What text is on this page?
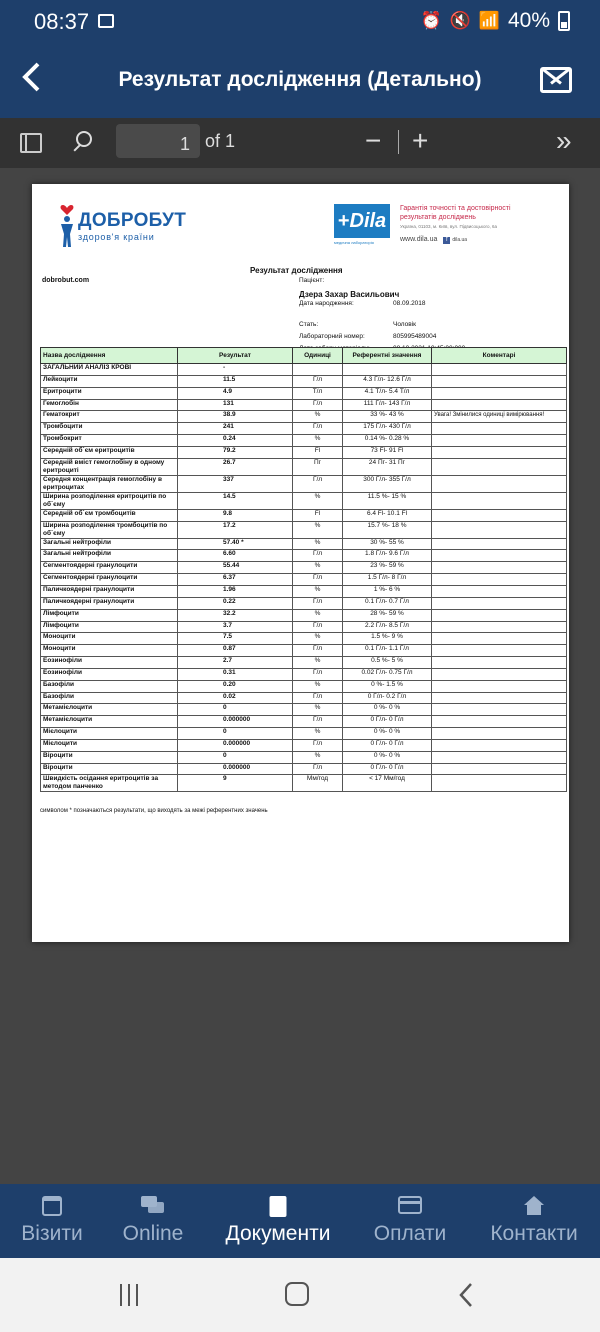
08:37	⏰ 🔇 📶 40%
Результат дослідження (Детально)
1
of 1	− +	»
ДОБРОБУТ
здоров'я країни
+Dila
медична лабораторія
Гарантія точності та достовірності
результатів досліджень
Україна, 01103, м. Київ, вул. Підвисоцького, 6а
www.dila.ua f dila.ua
Результат дослідження
dobrobut.com	Пацієнт:
Дзера Захар Васильович
Дата народження:	08.09.2018
Стать:	Чоловік
Лабораторний номер:	805995489004
Назва дослідження	Результат	Одиниці	Референтні значення	Коментарі
ЗАГАЛЬНИЙ АНАЛІЗ КРОВІ	-			
Лейкоцити	11.5	Г/л	4.3 Г/л- 12.6 Г/л	
Еритроцити	4.9	Т/л	4.1 Т/л- 5.4 Т/л	
Гемоглобін	131	Г/л	111 Г/л- 143 Г/л	
Гематокрит	38.9	%	33 %- 43 %	Увага! Змінилися одиниці вимірювання!
Тромбоцити	241	Г/л	175 Г/л- 430 Г/л	
Тромбокрит	0.24	%	0.14 %- 0.28 %	
Середній об`єм еритроцитів	79.2	Fl	73 Fl- 91 Fl	
Середній вміст гемоглобіну в одному еритроциті	26.7	Пг	24 Пг- 31 Пг	
Середня концентрація гемоглобіну в еритроцитах	337	Г/л	300 Г/л- 355 Г/л	
Ширина розподілення еритроцитів по об`єму	14.5	%	11.5 %- 15 %	
Середній об`єм тромбоцитів	9.8	Fl	6.4 Fl- 10.1 Fl	
Ширина розподілення тромбоцитів по об`єму	17.2	%	15.7 %- 18 %	
Загальні нейтрофіли	57.40 *	%	30 %- 55 %	
Загальні нейтрофіли	6.60	Г/л	1.8 Г/л- 9.6 Г/л	
Сегментоядерні гранулоцити	55.44	%	23 %- 59 %	
Сегментоядерні гранулоцити	6.37	Г/л	1.5 Г/л- 8 Г/л	
Паличкоядерні гранулоцити	1.96	%	1 %- 6 %	
Паличкоядерні гранулоцити	0.22	Г/л	0.1 Г/л- 0.7 Г/л	
Лімфоцити	32.2	%	28 %- 59 %	
Лімфоцити	3.7	Г/л	2.2 Г/л- 8.5 Г/л	
Моноцити	7.5	%	1.5 %- 9 %	
Моноцити	0.87	Г/л	0.1 Г/л- 1.1 Г/л	
Еозинофіли	2.7	%	0.5 %- 5 %	
Еозинофіли	0.31	Г/л	0.02 Г/л- 0.75 Г/л	
Базофіли	0.20	%	0 %- 1.5 %	
Базофіли	0.02	Г/л	0 Г/л- 0.2 Г/л	
Метамієлоцити	0	%	0 %- 0 %	
Метамієлоцити	0.000000	Г/л	0 Г/л- 0 Г/л	
Мієлоцити	0	%	0 %- 0 %	
Мієлоцити	0.000000	Г/л	0 Г/л- 0 Г/л	
Віроцити	0	%	0 %- 0 %	
Віроцити	0.000000	Г/л	0 Г/л- 0 Г/л	
Швидкість осідання еритроцитів за методом панченко	9	Мм/год	< 17 Мм/год	
символом * позначаються результати, що виходять за межі референтних значень
Візити	Online	Документи	Оплати	Контакти
